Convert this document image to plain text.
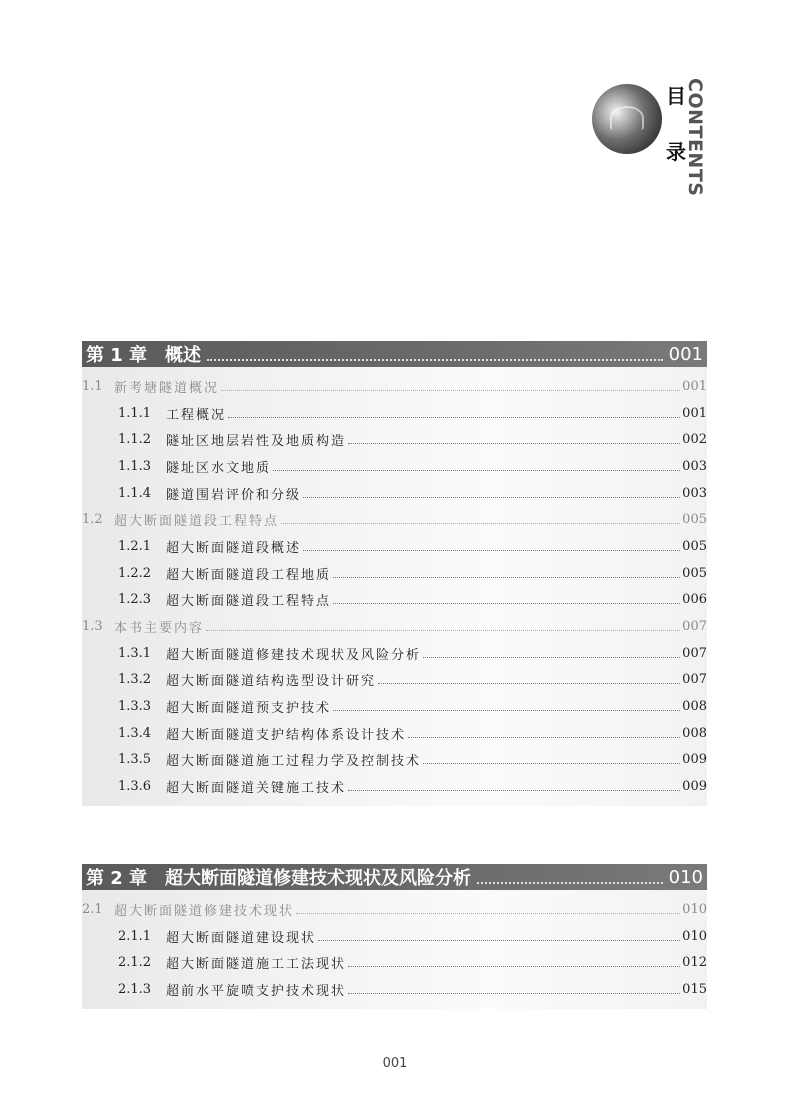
目
录
CONTENTS
第 1 章　概述	001
1.1 新考塘隧道概况	001
1.1.1	工程概况	001
1.1.2	隧址区地层岩性及地质构造	002
1.1.3	隧址区水文地质	003
1.1.4	隧道围岩评价和分级	003
1.2 超大断面隧道段工程特点	005
1.2.1	超大断面隧道段概述	005
1.2.2	超大断面隧道段工程地质	005
1.2.3	超大断面隧道段工程特点	006
1.3 本书主要内容	007
1.3.1	超大断面隧道修建技术现状及风险分析	007
1.3.2	超大断面隧道结构选型设计研究	007
1.3.3	超大断面隧道预支护技术	008
1.3.4	超大断面隧道支护结构体系设计技术	008
1.3.5	超大断面隧道施工过程力学及控制技术	009
1.3.6	超大断面隧道关键施工技术	009
第 2 章　超大断面隧道修建技术现状及风险分析	010
2.1 超大断面隧道修建技术现状	010
2.1.1	超大断面隧道建设现状	010
2.1.2	超大断面隧道施工工法现状	012
2.1.3	超前水平旋喷支护技术现状	015
001
